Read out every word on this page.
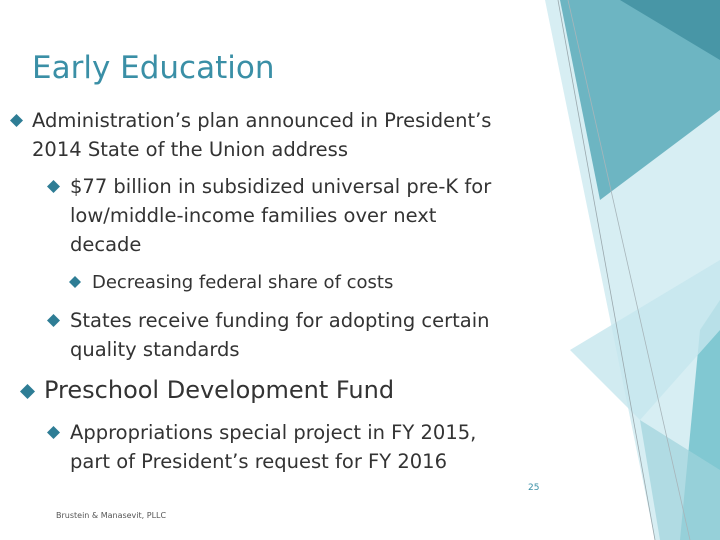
Early Education
Administration’s plan announced in President’s
2014 State of the Union address
$77 billion in subsidized universal pre-K for
low/middle-income families over next
decade
Decreasing federal share of costs
States receive funding for adopting certain
quality standards
Preschool Development Fund
Appropriations special project in FY 2015,
part of President’s request for FY 2016
25
Brustein & Manasevit, PLLC
